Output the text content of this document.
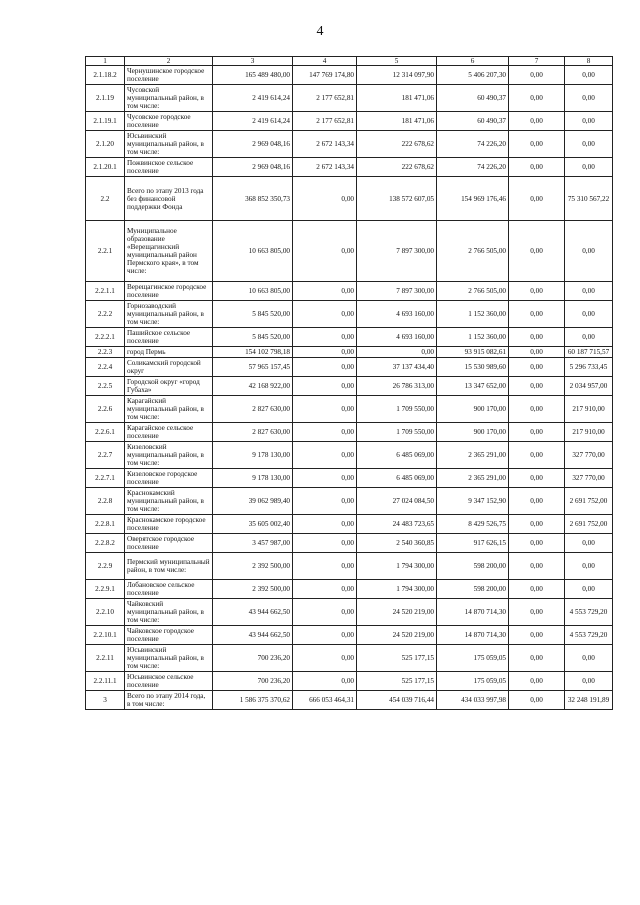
4
1	2	3	4	5	6	7	8
2.1.18.2	Чернушинское городское поселение	165 489 480,00	147 769 174,80	12 314 097,90	5 406 207,30	0,00	0,00
2.1.19	Чусовской муниципальный район, в том числе:	2 419 614,24	2 177 652,81	181 471,06	60 490,37	0,00	0,00
2.1.19.1	Чусовское городское поселение	2 419 614,24	2 177 652,81	181 471,06	60 490,37	0,00	0,00
2.1.20	Юсьвинский муниципальный район, в том числе:	2 969 048,16	2 672 143,34	222 678,62	74 226,20	0,00	0,00
2.1.20.1	Пожвинское сельское поселение	2 969 048,16	2 672 143,34	222 678,62	74 226,20	0,00	0,00
2.2	Всего по этапу 2013 года без финансовой поддержки Фонда	368 852 350,73	0,00	138 572 607,05	154 969 176,46	0,00	75 310 567,22
2.2.1	Муниципальное образование «Верещагинский муниципальный район Пермского края», в том числе:	10 663 805,00	0,00	7 897 300,00	2 766 505,00	0,00	0,00
2.2.1.1	Верещагинское городское поселение	10 663 805,00	0,00	7 897 300,00	2 766 505,00	0,00	0,00
2.2.2	Горнозаводский муниципальный район, в том числе:	5 845 520,00	0,00	4 693 160,00	1 152 360,00	0,00	0,00
2.2.2.1	Пашийское сельское поселение	5 845 520,00	0,00	4 693 160,00	1 152 360,00	0,00	0,00
2.2.3	город Пермь	154 102 798,18	0,00	0,00	93 915 082,61	0,00	60 187 715,57
2.2.4	Соликамский городской округ	57 965 157,45	0,00	37 137 434,40	15 530 989,60	0,00	5 296 733,45
2.2.5	Городской округ «город Губаха»	42 168 922,00	0,00	26 786 313,00	13 347 652,00	0,00	2 034 957,00
2.2.6	Карагайский муниципальный район, в том числе:	2 827 630,00	0,00	1 709 550,00	900 170,00	0,00	217 910,00
2.2.6.1	Карагайское сельское поселение	2 827 630,00	0,00	1 709 550,00	900 170,00	0,00	217 910,00
2.2.7	Кизеловский муниципальный район, в том числе:	9 178 130,00	0,00	6 485 069,00	2 365 291,00	0,00	327 770,00
2.2.7.1	Кизеловское городское поселение	9 178 130,00	0,00	6 485 069,00	2 365 291,00	0,00	327 770,00
2.2.8	Краснокамский муниципальный район, в том числе:	39 062 989,40	0,00	27 024 084,50	9 347 152,90	0,00	2 691 752,00
2.2.8.1	Краснокамское городское поселение	35 605 002,40	0,00	24 483 723,65	8 429 526,75	0,00	2 691 752,00
2.2.8.2	Оверятское городское поселение	3 457 987,00	0,00	2 540 360,85	917 626,15	0,00	0,00
2.2.9	Пермский муниципальный район, в том числе:	2 392 500,00	0,00	1 794 300,00	598 200,00	0,00	0,00
2.2.9.1	Лобановское сельское поселение	2 392 500,00	0,00	1 794 300,00	598 200,00	0,00	0,00
2.2.10	Чайковский муниципальный район, в том числе:	43 944 662,50	0,00	24 520 219,00	14 870 714,30	0,00	4 553 729,20
2.2.10.1	Чайковское городское поселение	43 944 662,50	0,00	24 520 219,00	14 870 714,30	0,00	4 553 729,20
2.2.11	Юсьвинский муниципальный район, в том числе:	700 236,20	0,00	525 177,15	175 059,05	0,00	0,00
2.2.11.1	Юсьвинское сельское поселение	700 236,20	0,00	525 177,15	175 059,05	0,00	0,00
3	Всего по этапу 2014 года, в том числе:	1 586 375 370,62	666 053 464,31	454 039 716,44	434 033 997,98	0,00	32 248 191,89
